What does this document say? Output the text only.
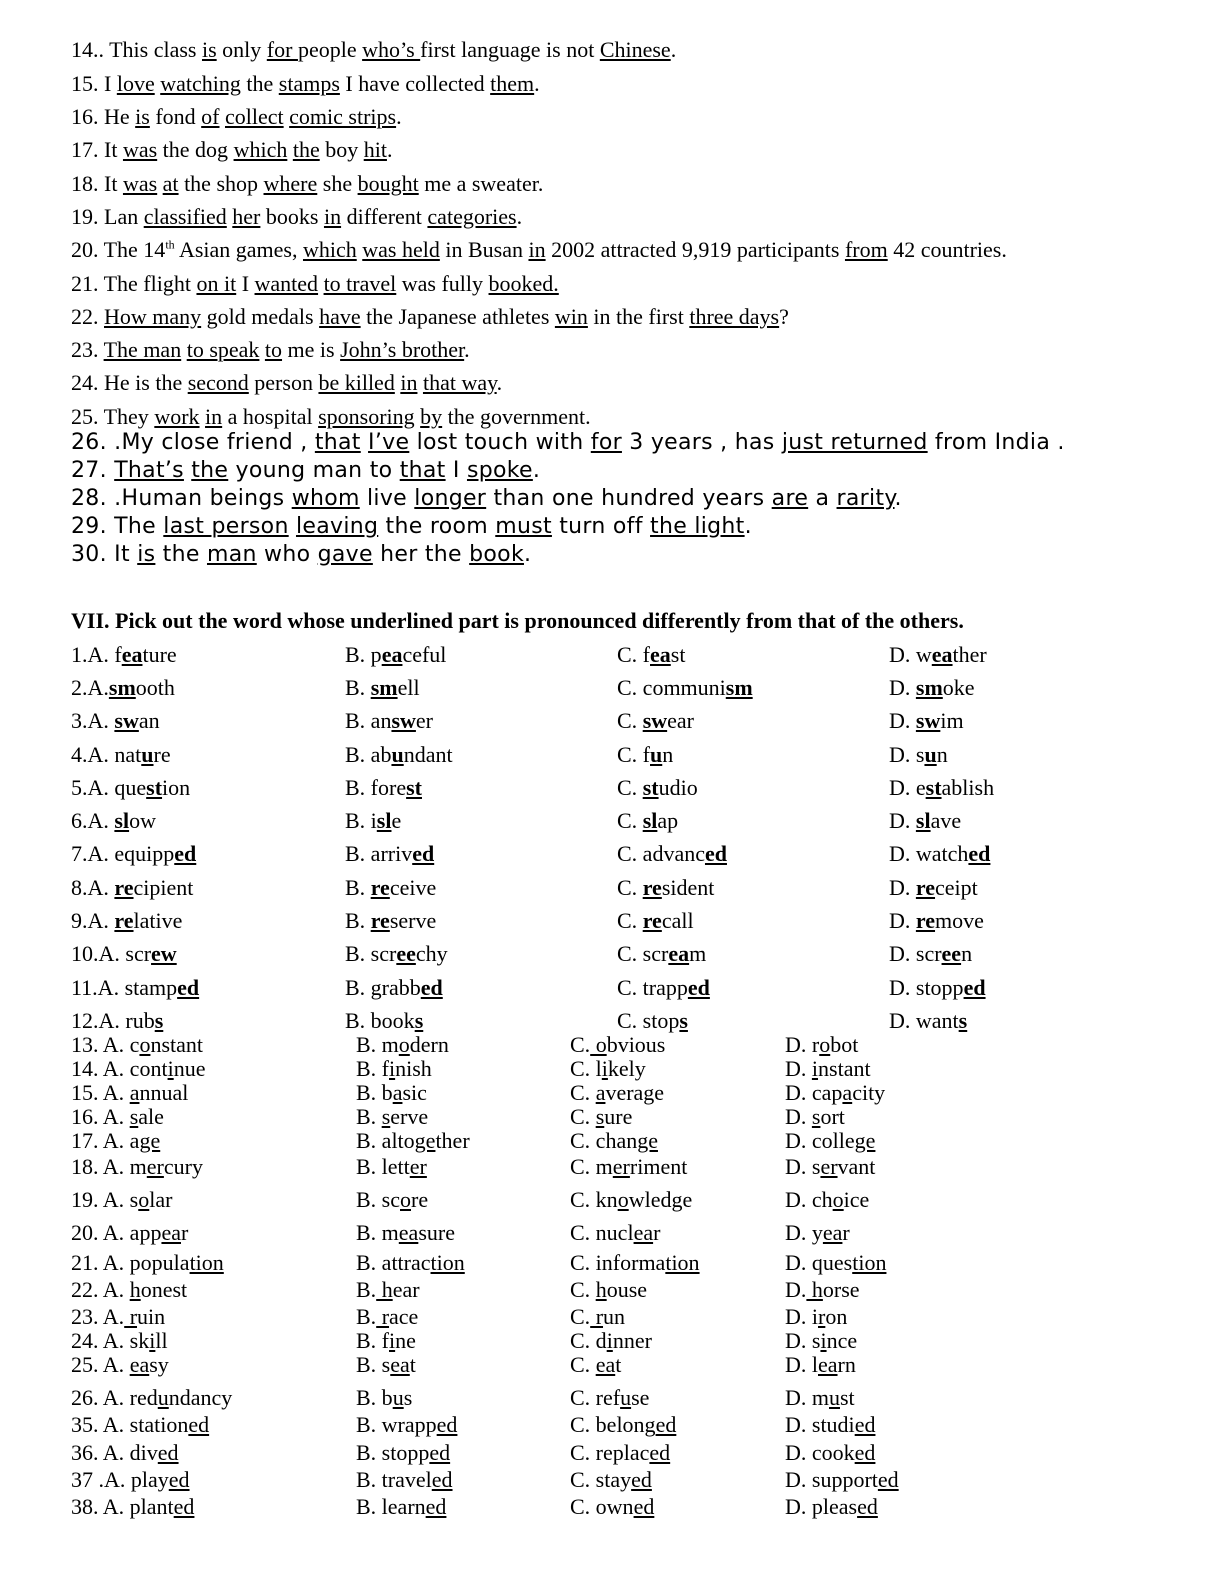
14.. This class is only for people who’s first language is not Chinese.
15. I love watching the stamps I have collected them.
16. He is fond of collect comic strips.
17. It was the dog which the boy hit.
18. It was at the shop where she bought me a sweater.
19. Lan classified her books in different categories.
20. The 14th Asian games, which was held in Busan in 2002 attracted 9,919 participants from 42 countries.
21. The flight on it I wanted to travel was fully booked.
22. How many gold medals have the Japanese athletes win in the first three days?
23. The man to speak to me is John’s brother.
24. He is the second person be killed in that way.
25. They work in a hospital sponsoring by the government.
26. .My close friend , that I’ve lost touch with for 3 years , has just returned from India .
27. That’s the young man to that I spoke.
28. .Human beings whom live longer than one hundred years are a rarity.
29. The last person leaving the room must turn off the light.
30. It is the man who gave her the book.
VII. Pick out the word whose underlined part is pronounced differently from that of the others.
1.A. feature	B. peaceful	C. feast	D. weather
2.A.smooth	B. smell	C. communism	D. smoke
3.A. swan	B. answer	C. swear	D. swim
4.A. nature	B. abundant	C. fun	D. sun
5.A. question	B. forest	C. studio	D. establish
6.A. slow	B. isle	C. slap	D. slave
7.A. equipped	B. arrived	C. advanced	D. watched
8.A. recipient	B. receive	C. resident	D. receipt
9.A. relative	B. reserve	C. recall	D. remove
10.A. screw	B. screechy	C. scream	D. screen
11.A. stamped	B. grabbed	C. trapped	D. stopped
12.A. rubs	B. books	C. stops	D. wants
13. A. constant	B. modern	C. obvious	D. robot
14. A. continue	B. finish	C. likely	D. instant
15. A. annual	B. basic	C. average	D. capacity
16. A. sale	B. serve	C. sure	D. sort
17. A. age	B. altogether	C. change	D. college
18. A. mercury	B. letter	C. merriment	D. servant
19. A. solar	B. score	C. knowledge	D. choice
20. A. appear	B. measure	C. nuclear	D. year
21. A. population	B. attraction	C. information	D. question
22. A. honest	B. hear	C. house	D. horse
23. A. ruin	B. race	C. run	D. iron
24. A. skill	B. fine	C. dinner	D. since
25. A. easy	B. seat	C. eat	D. learn
26. A. redundancy	B. bus	C. refuse	D. must
35. A. stationed	B. wrapped	C. belonged	D. studied
36. A. dived	B. stopped	C. replaced	D. cooked
37 .A. played	B. traveled	C. stayed	D. supported
38. A. planted	B. learned	C. owned	D. pleased
